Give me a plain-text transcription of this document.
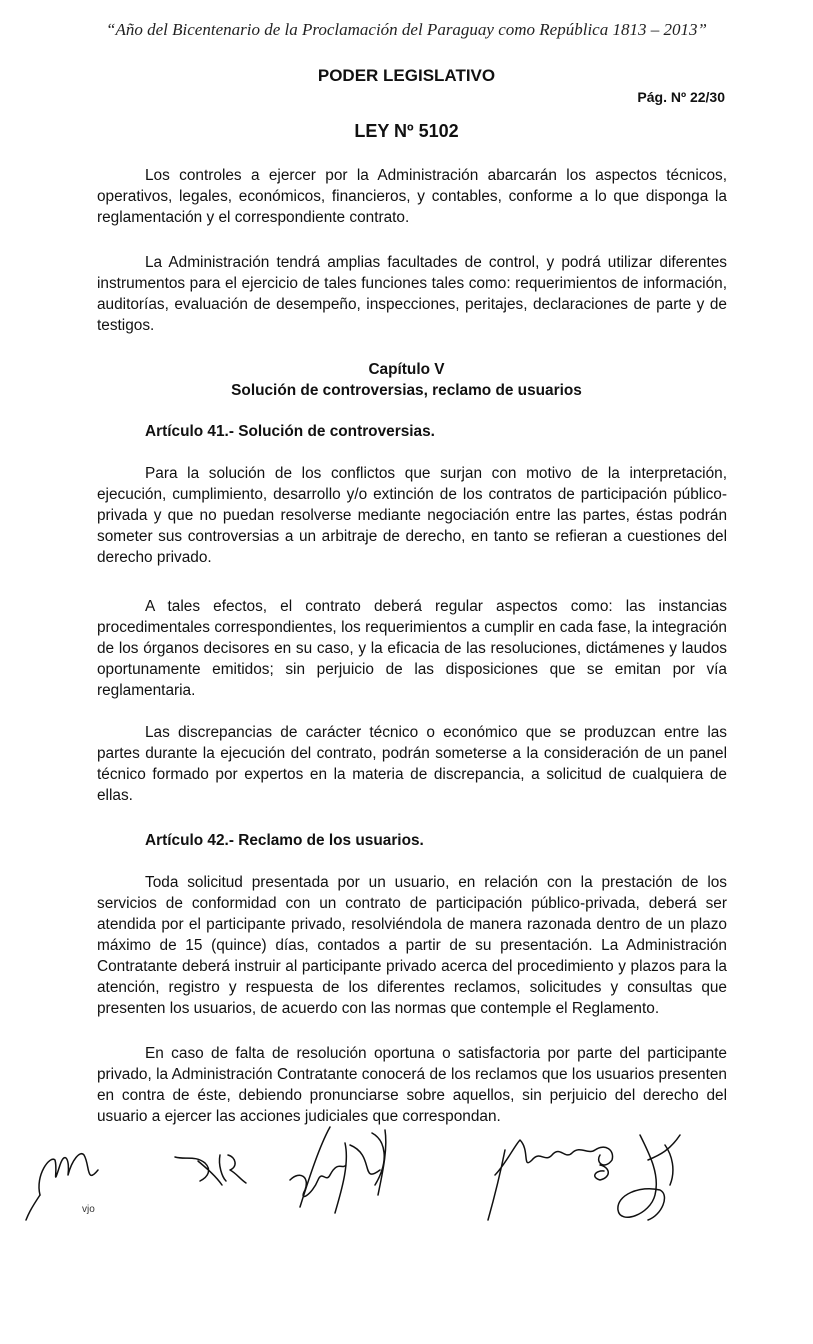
“Año del Bicentenario de la Proclamación del Paraguay como República 1813 – 2013”
PODER LEGISLATIVO
Pág. Nº 22/30
LEY Nº 5102

Los controles a ejercer por la Administración abarcarán los aspectos técnicos, operativos, legales, económicos, financieros, y contables, conforme a lo que disponga la reglamentación y el correspondiente contrato.

La Administración tendrá amplias facultades de control, y podrá utilizar diferentes instrumentos para el ejercicio de tales funciones tales como: requerimientos de información, auditorías, evaluación de desempeño, inspecciones, peritajes, declaraciones de parte y de testigos.

Capítulo V
Solución de controversias, reclamo de usuarios
Artículo 41.- Solución de controversias.

Para la solución de los conflictos que surjan con motivo de la interpretación, ejecución, cumplimiento, desarrollo y/o extinción de los contratos de participación público-privada y que no puedan resolverse mediante negociación entre las partes, éstas podrán someter sus controversias a un arbitraje de derecho, en tanto se refieran a cuestiones del derecho privado.

A tales efectos, el contrato deberá regular aspectos como: las instancias procedimentales correspondientes, los requerimientos a cumplir en cada fase, la integración de los órganos decisores en su caso, y la eficacia de las resoluciones, dictámenes y laudos oportunamente emitidos; sin perjuicio de las disposiciones que se emitan por vía reglamentaria.

Las discrepancias de carácter técnico o económico que se produzcan entre las partes durante la ejecución del contrato, podrán someterse a la consideración de un panel técnico formado por expertos en la materia de discrepancia, a solicitud de cualquiera de ellas.

Artículo 42.- Reclamo de los usuarios.

Toda solicitud presentada por un usuario, en relación con la prestación de los servicios de conformidad con un contrato de participación público-privada, deberá ser atendida por el participante privado, resolviéndola de manera razonada dentro de un plazo máximo de 15 (quince) días, contados a partir de su presentación. La Administración Contratante deberá instruir al participante privado acerca del procedimiento y plazos para la atención, registro y respuesta de los diferentes reclamos, solicitudes y consultas que presenten los usuarios, de acuerdo con las normas que contemple el Reglamento.

En caso de falta de resolución oportuna o satisfactoria por parte del participante privado, la Administración Contratante conocerá de los reclamos que los usuarios presenten en contra de éste, debiendo pronunciarse sobre aquellos, sin perjuicio del derecho del usuario a ejercer las acciones judiciales que correspondan.

vjo
